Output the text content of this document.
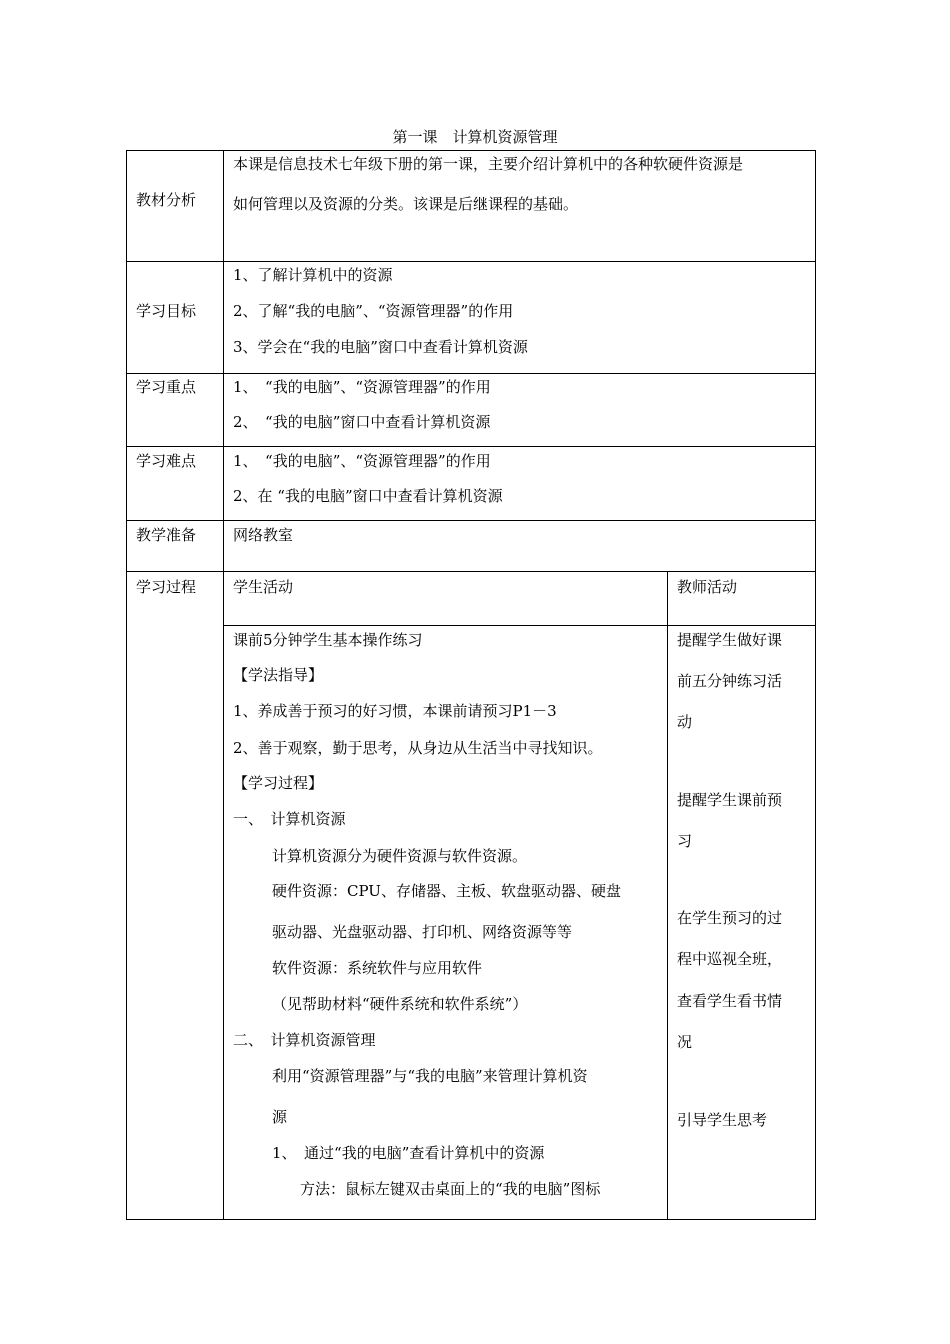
第一课　计算机资源管理
教材分析
本课是信息技术七年级下册的第一课，主要介绍计算机中的各种软硬件资源是
如何管理以及资源的分类。该课是后继课程的基础。
学习目标
1、了解计算机中的资源
2、了解“我的电脑”、“资源管理器”的作用
3、学会在“我的电脑”窗口中查看计算机资源
学习重点 1、　“我的电脑”、“资源管理器”的作用
2、　“我的电脑”窗口中查看计算机资源
学习难点 1、　“我的电脑”、“资源管理器”的作用
2、在 “我的电脑”窗口中查看计算机资源
教学准备 网络教室
学习过程 学生活动	教师活动
课前5分钟学生基本操作练习
【学法指导】
1、养成善于预习的好习惯，本课前请预习P1－3
2、善于观察，勤于思考，从身边从生活当中寻找知识。
【学习过程】
一、　计算机资源
计算机资源分为硬件资源与软件资源。
硬件资源：CPU、存储器、主板、软盘驱动器、硬盘
驱动器、光盘驱动器、打印机、网络资源等等
软件资源：系统软件与应用软件
（见帮助材料“硬件系统和软件系统”）
二、　计算机资源管理
利用“资源管理器”与“我的电脑”来管理计算机资
源
1、　通过“我的电脑”查看计算机中的资源
方法：鼠标左键双击桌面上的“我的电脑”图标
提醒学生做好课
前五分钟练习活
动
提醒学生课前预
习
在学生预习的过
程中巡视全班，
查看学生看书情
况
引导学生思考
